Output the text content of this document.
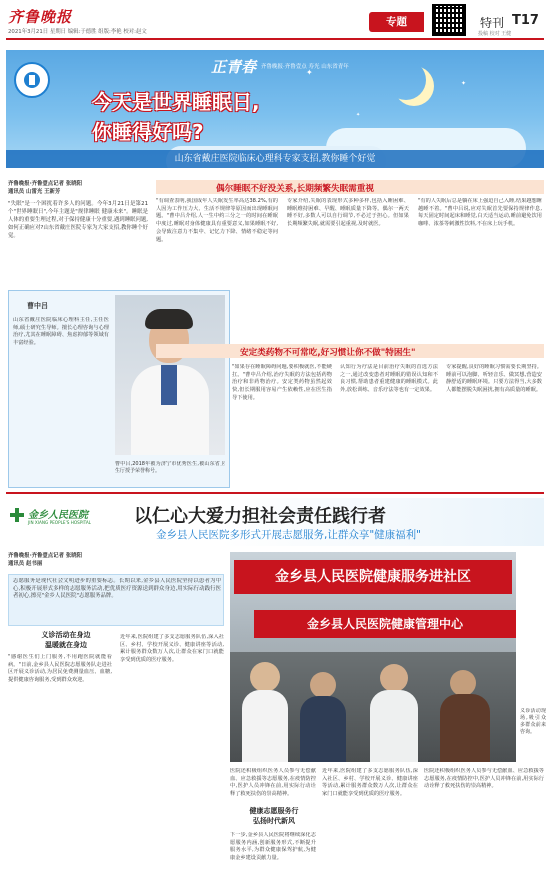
齐鲁晚报
2021年3月21日 星期日 编辑:于德胜 组版:李艳 校对:赵文
专题	特刊 T17
投稿 校对 王健
✦
✦
✦
正青春 齐鲁晚报·齐鲁壹点 寿光 山东省青年
今天是世界睡眠日,
你睡得好吗?
山东省戴庄医院临床心理科专家支招,教你睡个好觉
齐鲁晚报·齐鲁壹点记者 张晓阳
通讯员 山雷光 王新芳
"失眠"是一个困扰着许多人的问题。今年3月21日是第21个"世界睡眠日",今年主题是"规律睡眠 健康未来"。睡眠是人体的重要生理过程,对于保持健康十分重要,遇到睡眠问题,如何正确应对?山东省戴庄医院专家为大家支招,教你睡个好觉。
曹中吕
山东省戴庄医院临床心理科主任,主任医师,硕士研究生导师。擅长心理咨询与心理治疗,尤其在睡眠障碍、焦虑抑郁等领域有丰富经验。
曹中吕,2018年被为济宁市优秀医生,被山东省卫生厅授予荣誉称号。
偶尔睡眠不好没关系,长期频繁失眠需重视
"有调查表明,我国成年人失眠发生率高达38.2%,有的人因为工作压力大、生活不规律等原因而出现睡眠问题。"曹中吕介绍,人一生中约三分之一的时间在睡眠中度过,睡眠对身体健康具有重要意义,如果睡眠不好,会导致注意力不集中、记忆力下降、情绪不稳定等问题。
专家介绍,失眠的表现形式多种多样,包括入睡困难、睡眠维持困难、早醒、睡眠质量下降等。偶尔一两天睡不好,多数人可以自行调节,不必过于担心。但如果长期频繁失眠,就需要引起重视,及时就医。
"有的人失眠后总是躺在床上强迫自己入睡,结果越想睡越睡不着。"曹中吕说,应对失眠首先要保持规律作息,每天固定时间起床和睡觉,白天适当运动,睡前避免饮用咖啡、浓茶等刺激性饮料,不在床上玩手机。
安定类药物不可常吃,好习惯让你不做"特困生"
"如果存在睡眠障碍问题,要积极就医,不能硬扛。"曹中吕介绍,治疗失眠的方法包括药物治疗和非药物治疗。安定类药物虽然起效快,但长期服用容易产生依赖性,应在医生指导下使用。
认知行为疗法是目前治疗失眠的首选方法之一,通过改变患者对睡眠的错误认知和不良习惯,帮助患者重建健康的睡眠模式。此外,放松训练、音乐疗法等也有一定效果。
专家提醒,良好的睡眠习惯需要长期坚持。睡前可以泡脚、听轻音乐、做冥想,营造安静舒适的睡眠环境。只要方法得当,大多数人都能摆脱失眠困扰,拥有高质量的睡眠。
金乡人民医院
JIN XIANG PEOPLE'S HOSPITAL 以仁心大爱力担社会责任践行者
金乡县人民医院多形式开展志愿服务,让群众享"健康福利"
齐鲁晚报·齐鲁壹点记者 张晓阳
通讯员 赵书丽
志愿服务是现代社会文明进步的重要标志。长期以来,金乡县人民医院坚持以患者为中心,积极开展形式多样的志愿服务活动,把优质医疗资源送到群众身边,用实际行动践行医者初心,擦亮"金乡人民医院"志愿服务品牌。
金乡县人民医院健康服务进社区
金乡县人民医院健康管理中心
义诊活动现场,吸引众多群众前来咨询。
义诊活动在身边
温暖就在身边
"感谢医生们上门服务,不用跑医院就能看病。"日前,金乡县人民医院志愿服务队走进社区开展义诊活动,为居民免费测量血压、血糖,提供健康咨询服务,受到群众欢迎。
近年来,医院组建了多支志愿服务队伍,深入社区、乡村、学校开展义诊、健康讲座等活动,累计服务群众数万人次,让群众在家门口就能享受到优质的医疗服务。
医院还积极组织医务人员参与无偿献血、应急救援等志愿服务,在疫情防控中,医护人员冲锋在前,用实际行动诠释了救死扶伤的崇高精神。
健康志愿服务行
弘扬时代新风
下一步,金乡县人民医院将继续深化志愿服务内涵,创新服务形式,不断提升服务水平,为群众健康保驾护航,为健康金乡建设贡献力量。
近年来,医院组建了多支志愿服务队伍,深入社区、乡村、学校开展义诊、健康讲座等活动,累计服务群众数万人次,让群众在家门口就能享受到优质的医疗服务。
医院还积极组织医务人员参与无偿献血、应急救援等志愿服务,在疫情防控中,医护人员冲锋在前,用实际行动诠释了救死扶伤的崇高精神。
